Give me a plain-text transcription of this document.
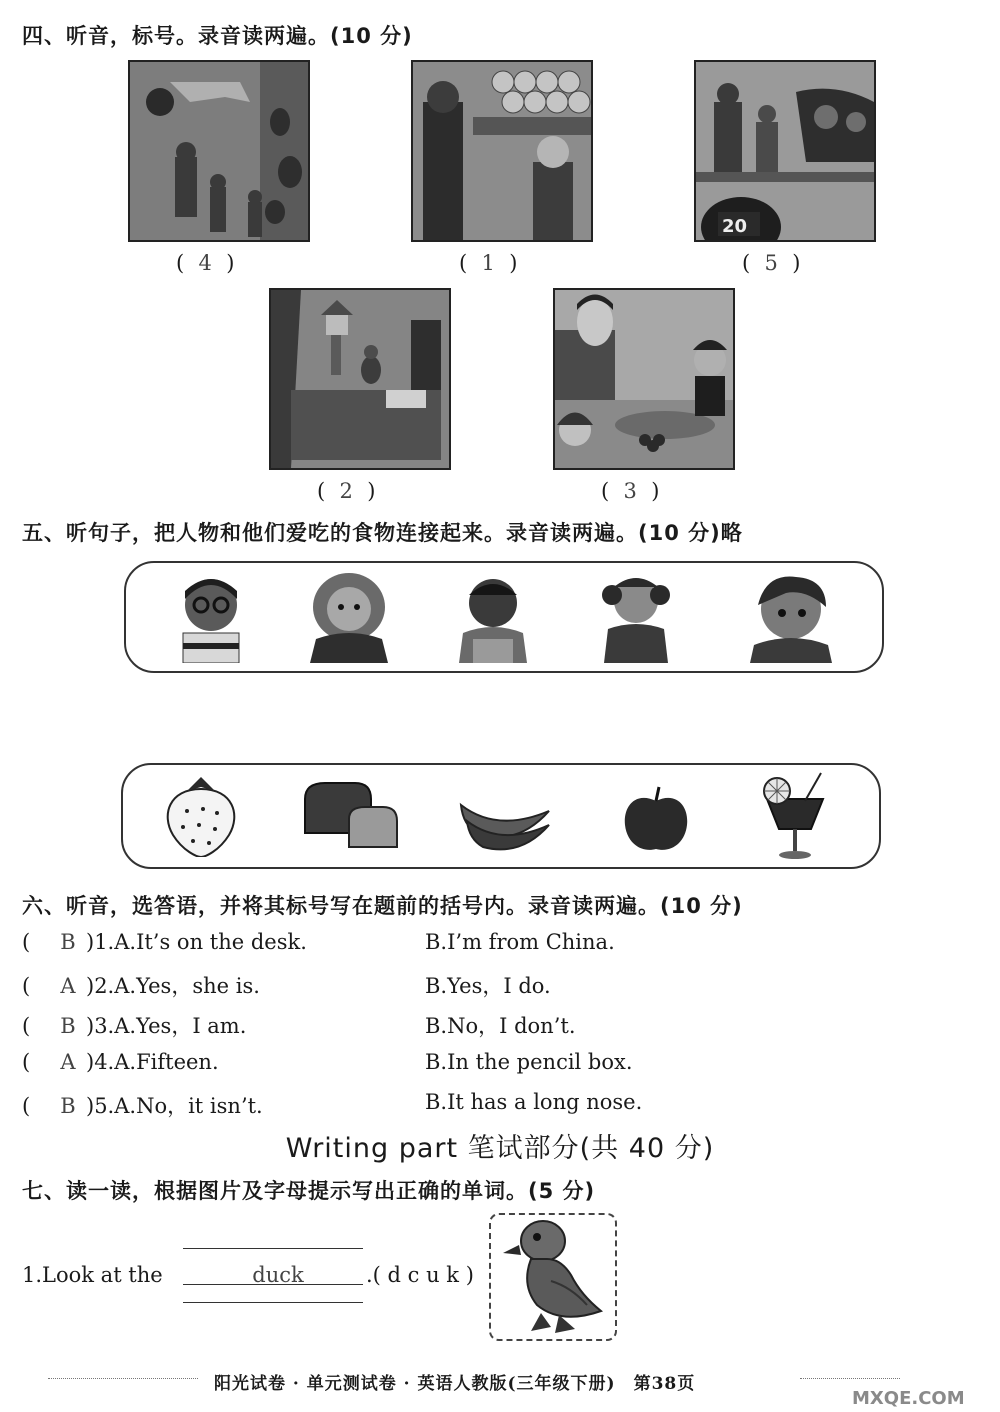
四、听音，标号。录音读两遍。(10 分)
( 4 )	( 1 )
20
( 5 )
( 2 )	( 3 )
五、听句子，把人物和他们爱吃的食物连接起来。录音读两遍。(10 分)略
六、听音，选答语，并将其标号写在题前的括号内。录音读两遍。(10 分)
( B )1.A.It’s on the desk.	B.I’m from China.
( A )2.A.Yes，she is.	B.Yes，I do.
( B )3.A.Yes，I am.	B.No，I don’t.
( A )4.A.Fifteen.	B.In the pencil box.
( B )5.A.No，it isn’t.	B.It has a long nose.
Writing part 笔试部分(共 40 分)
七、读一读，根据图片及字母提示写出正确的单词。(5 分)
1.Look at the	duck	.( d c u k )
阳光试卷 · 单元测试卷 · 英语人教版(三年级下册)　第38页
MXQE.COM
